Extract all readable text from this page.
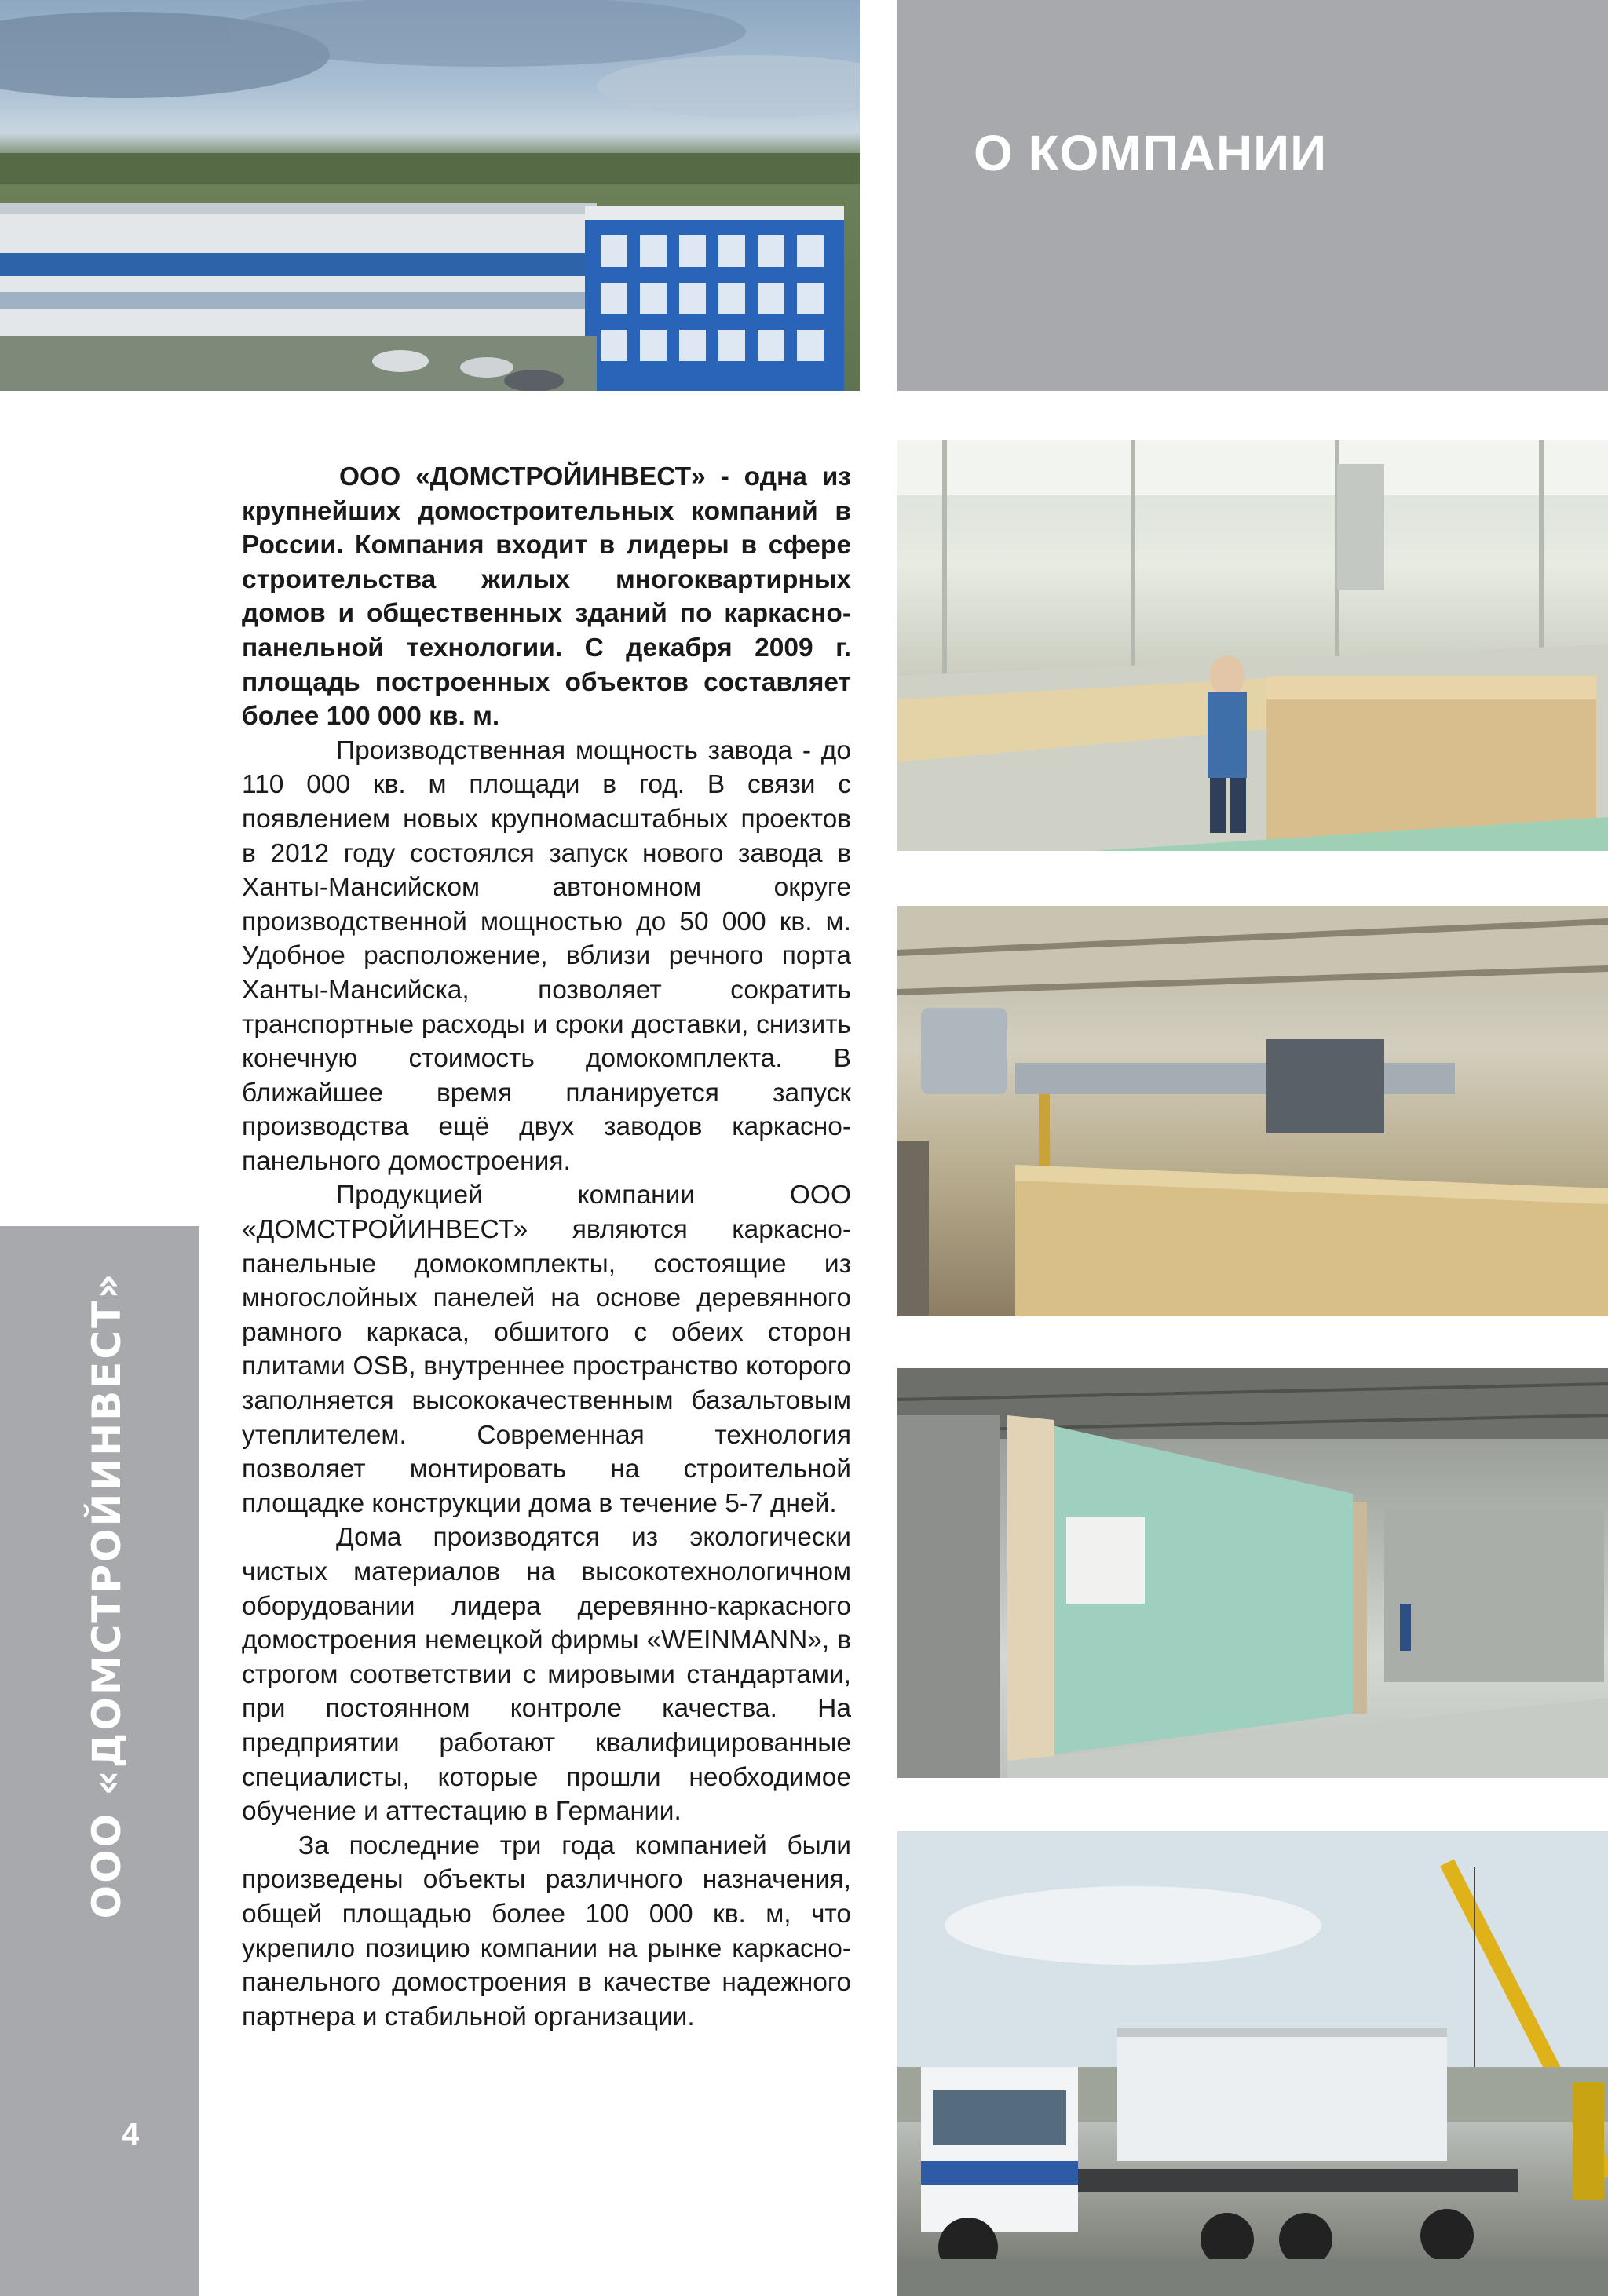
О КОМПАНИИ
ООО «ДОМСТРОЙИНВЕСТ»
4

ООО «ДОМСТРОЙИНВЕСТ» - одна из крупнейших домостроительных компаний в России. Компания входит в лидеры в сфере строительства жилых многоквартирных домов и общественных зданий по каркасно-панельной технологии. С декабря 2009 г. площадь построенных объектов составляет более 100 000 кв. м.

Производственная мощность завода - до 110 000 кв. м площади в год. В связи с появлением новых крупномасштабных проектов в 2012 году состоялся запуск нового завода в Ханты-Мансийском автономном округе производственной мощностью до 50 000 кв. м. Удобное расположение, вблизи речного порта Ханты-Мансийска, позволяет сократить транспортные расходы и сроки доставки, снизить конечную стоимость домокомплекта. В ближайшее время планируется запуск производства ещё двух заводов каркасно-панельного домостроения.

Продукцией компании ООО «ДОМСТРОЙИНВЕСТ» являются каркасно-панельные домокомплекты, состоящие из многослойных панелей на основе деревянного рамного каркаса, обшитого с обеих сторон плитами OSB, внутреннее пространство которого заполняется высококачественным базальтовым утеплителем. Современная технология позволяет монтировать на строительной площадке конструкции дома в течение 5-7 дней.

Дома производятся из экологически чистых материалов на высокотехнологичном оборудовании лидера деревянно-каркасного домостроения немецкой фирмы «WEINMANN», в строгом соответствии с мировыми стандартами, при постоянном контроле качества. На предприятии работают квалифицированные специалисты, которые прошли необходимое обучение и аттестацию в Германии.

За последние три года компанией были произведены объекты различного назначения, общей площадью более 100 000 кв. м, что укрепило позицию компании на рынке каркасно-панельного домостроения в качестве надежного партнера и стабильной организации.
